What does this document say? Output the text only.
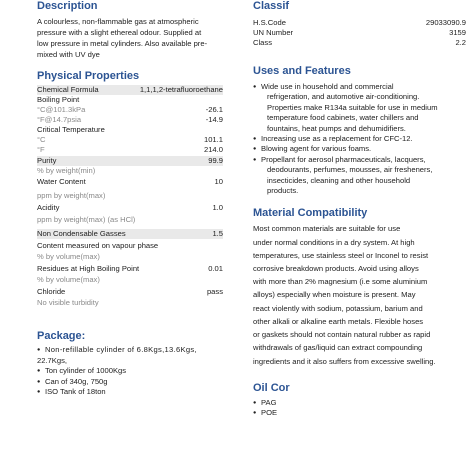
Description

A colourless, non-flammable gas at atmospheric

pressure with a slight ethereal odour. Supplied at

low pressure in metal cylinders. Also available pre-

mixed with UV dye

Physical Properties
Chemical Formula	1,1,1,2-tetrafluoroethane
Boiling Point
°C@101.3kPa	-26.1
°F@14.7psia	-14.9
Critical Temperature
°C	101.1
°F	214.0
Purity	99.9
% by weight(min)
Water Content	10
ppm by weight(max)
Acidity	1.0
ppm by weight(max) (as HCl)
Non Condensable Gasses	1.5
Content measured on vapour phase
% by volume(max)
Residues at High Boiling Point	0.01
% by volume(max)
Chloride	pass
No visible turbidity
Package:
● Non-refillable cylinder of 6.8Kgs,13.6Kgs,
22.7Kgs,
● Ton cylinder of 1000Kgs
● Can of 340g, 750g
● ISO Tank of 18ton
Classif
H.S.Code	29033090.9
UN Number	3159
Class	2.2
Uses and Features
● Wide use in household and commercial
refrigeration, and automotive air-conditioning.
Properties make R134a suitable for use in medium
temperature food cabinets, water chillers and
fountains, heat pumps and dehumidifiers.
● Increasing use as a replacement for CFC-12.
● Blowing agent for various foams.
● Propellant for aerosol pharmaceuticals, lacquers,
deodourants, perfumes, mousses, air fresheners,
insecticides, cleaning and other household
products.
Material Compatibility

Most common materials are suitable for use

under normal conditions in a dry system. At high

temperatures, use stainless steel or Inconel to resist

corrosive breakdown products. Avoid using alloys

with more than 2% magnesium (i.e some aluminium

alloys) especially when moisture is present. May

react violently with sodium, potassium, barium and

other alkali or alkaline earth metals. Flexible hoses

or gaskets should not contain natural rubber as rapid

withdrawals of gas/liquid can extract compounding

ingredients and it also suffers from excessive swelling.

Oil Cor
● PAG
● POE
